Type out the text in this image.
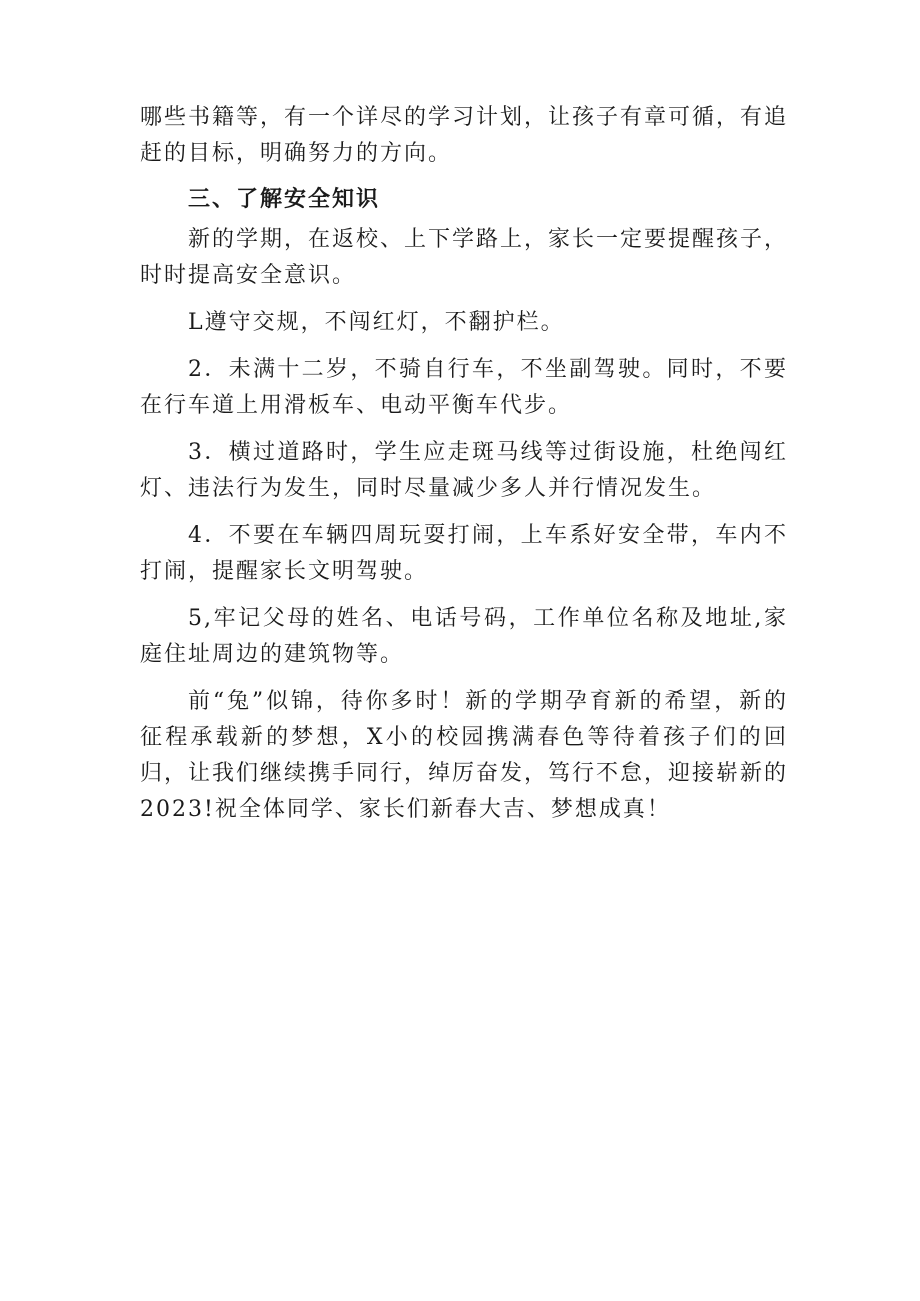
哪些书籍等，有一个详尽的学习计划，让孩子有章可循，有追赶的目标，明确努力的方向。

三、了解安全知识

新的学期，在返校、上下学路上，家长一定要提醒孩子，时时提高安全意识。

L遵守交规，不闯红灯，不翻护栏。

2．未满十二岁，不骑自行车，不坐副驾驶。同时，不要在行车道上用滑板车、电动平衡车代步。

3．横过道路时，学生应走斑马线等过街设施，杜绝闯红灯、违法行为发生，同时尽量减少多人并行情况发生。

4．不要在车辆四周玩耍打闹，上车系好安全带，车内不打闹，提醒家长文明驾驶。

5,牢记父母的姓名、电话号码，工作单位名称及地址,家庭住址周边的建筑物等。

前“兔”似锦，待你多时！新的学期孕育新的希望，新的征程承载新的梦想，X小的校园携满春色等待着孩子们的回归，让我们继续携手同行，绰厉奋发，笃行不怠，迎接崭新的2023!祝全体同学、家长们新春大吉、梦想成真！
